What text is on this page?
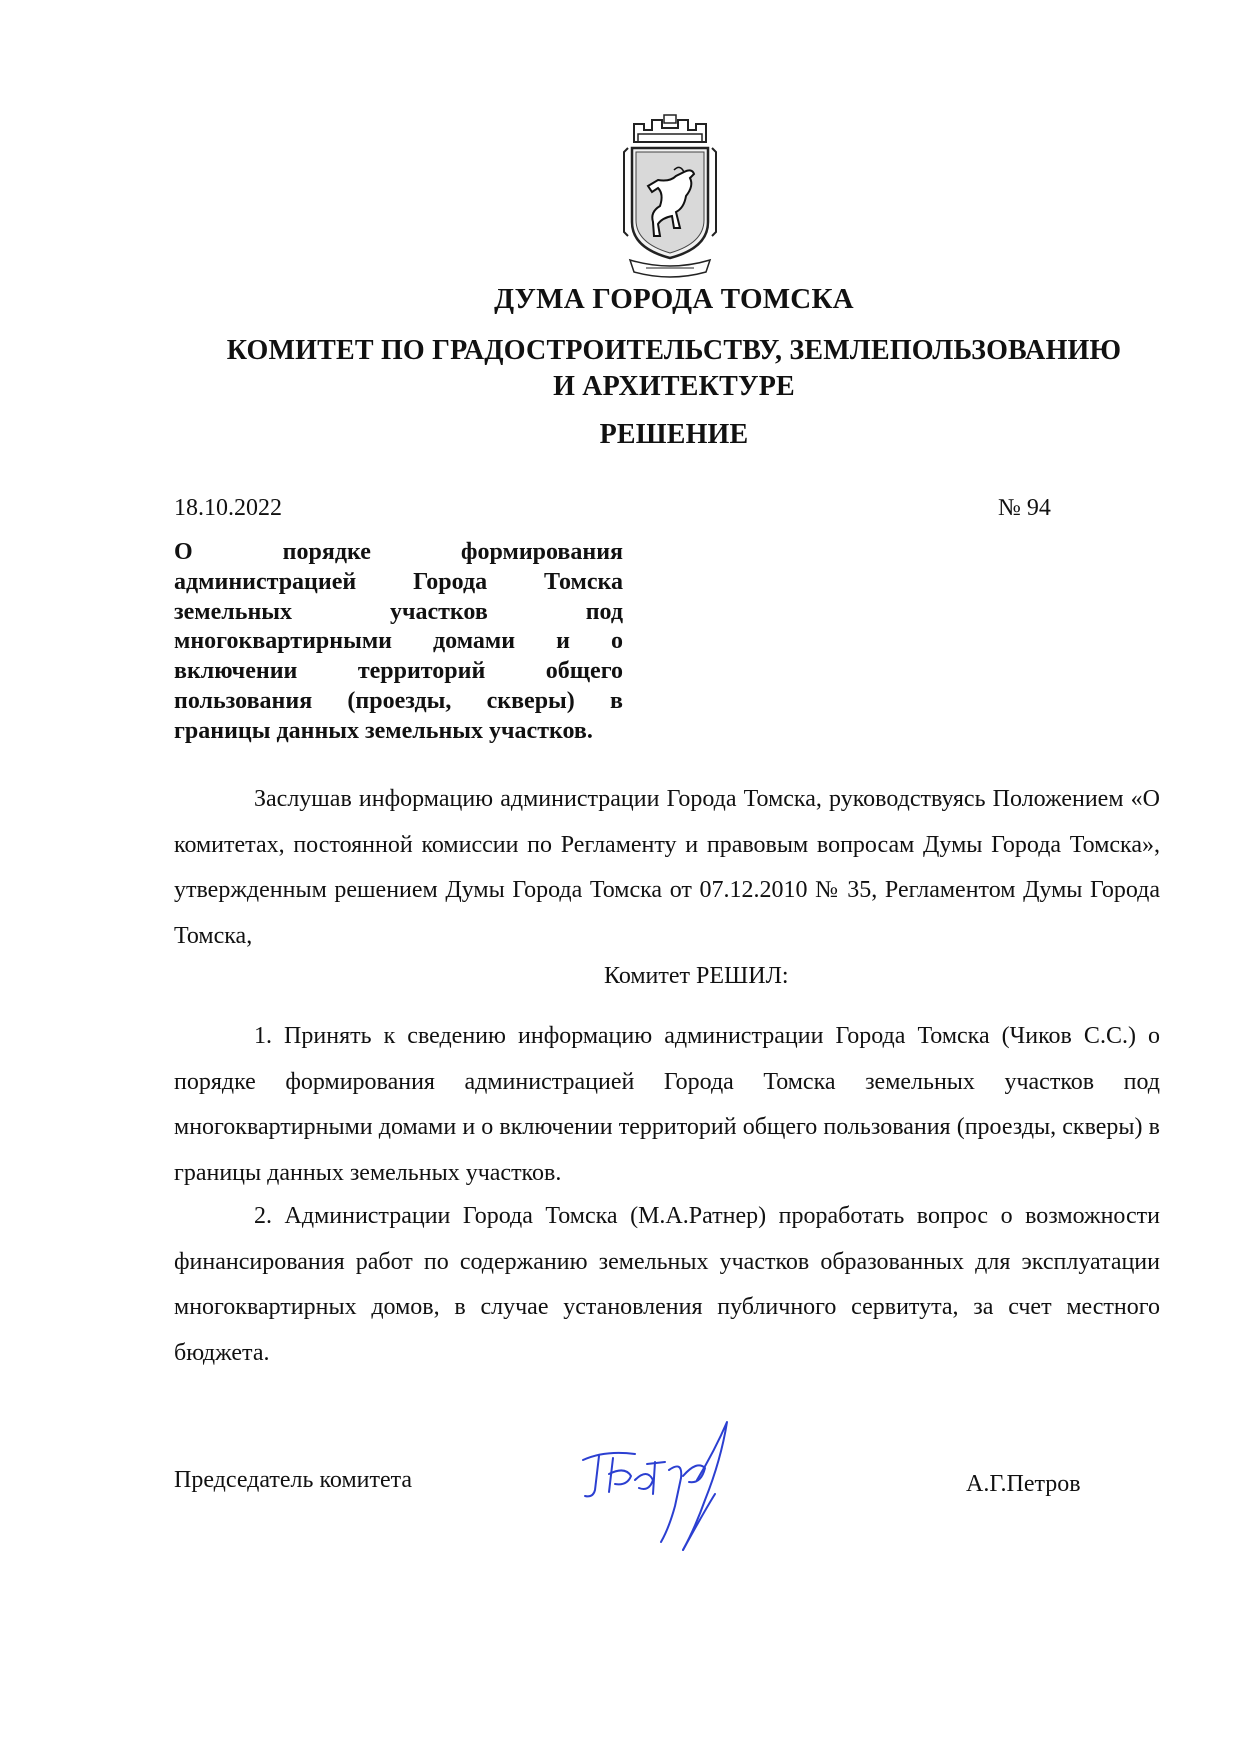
ДУМА ГОРОДА ТОМСКА
КОМИТЕТ ПО ГРАДОСТРОИТЕЛЬСТВУ, ЗЕМЛЕПОЛЬЗОВАНИЮ
И АРХИТЕКТУРЕ
РЕШЕНИЕ
18.10.2022	№ 94
О порядке формирования
администрацией Города Томска
земельных участков под
многоквартирными домами и о
включении территорий общего
пользования (проезды, скверы) в
границы данных земельных участков.
Заслушав информацию администрации Города Томска, руководствуясь Положением «О комитетах, постоянной комиссии по Регламенту и правовым вопросам Думы Города Томска», утвержденным решением Думы Города Томска от 07.12.2010 № 35, Регламентом Думы Города Томска,
Комитет РЕШИЛ:
1. Принять к сведению информацию администрации Города Томска (Чиков С.С.) о порядке формирования администрацией Города Томска земельных участков под многоквартирными домами и о включении территорий общего пользования (проезды, скверы) в границы данных земельных участков.
2. Администрации Города Томска (М.А.Ратнер) проработать вопрос о возможности финансирования работ по содержанию земельных участков образованных для эксплуатации многоквартирных домов, в случае установления публичного сервитута, за счет местного бюджета.
Председатель комитета	А.Г.Петров
